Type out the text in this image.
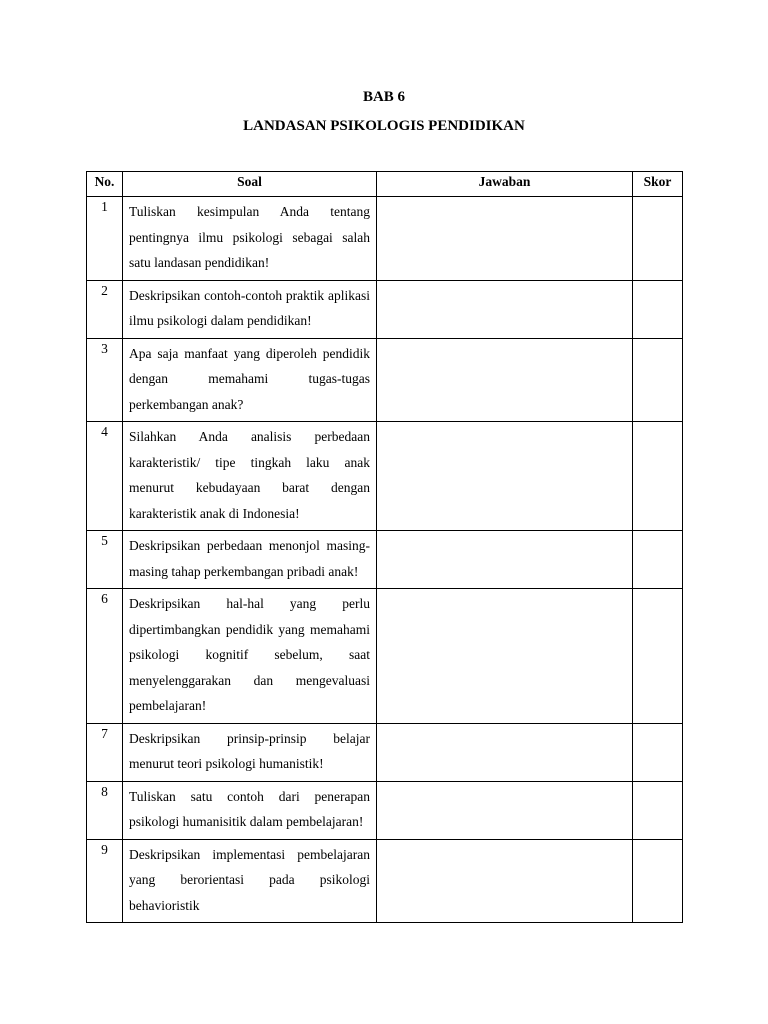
BAB 6
LANDASAN PSIKOLOGIS PENDIDIKAN
No.	Soal	Jawaban	Skor
1	Tuliskan kesimpulan Anda tentang pentingnya ilmu psikologi sebagai salah satu landasan pendidikan!		
2	Deskripsikan contoh-contoh praktik aplikasi ilmu psikologi dalam pendidikan!		
3	Apa saja manfaat yang diperoleh pendidik dengan memahami tugas-tugas perkembangan anak?		
4	Silahkan Anda analisis perbedaan karakteristik/ tipe tingkah laku anak menurut kebudayaan barat dengan karakteristik anak di Indonesia!		
5	Deskripsikan perbedaan menonjol masing-masing tahap perkembangan pribadi anak!		
6	Deskripsikan hal-hal yang perlu dipertimbangkan pendidik yang memahami psikologi kognitif sebelum, saat menyelenggarakan dan mengevaluasi pembelajaran!		
7	Deskripsikan prinsip-prinsip belajar menurut teori psikologi humanistik!		
8	Tuliskan satu contoh dari penerapan psikologi humanisitik dalam pembelajaran!		
9	Deskripsikan implementasi pembelajaran yang berorientasi pada psikologi behavioristik		
